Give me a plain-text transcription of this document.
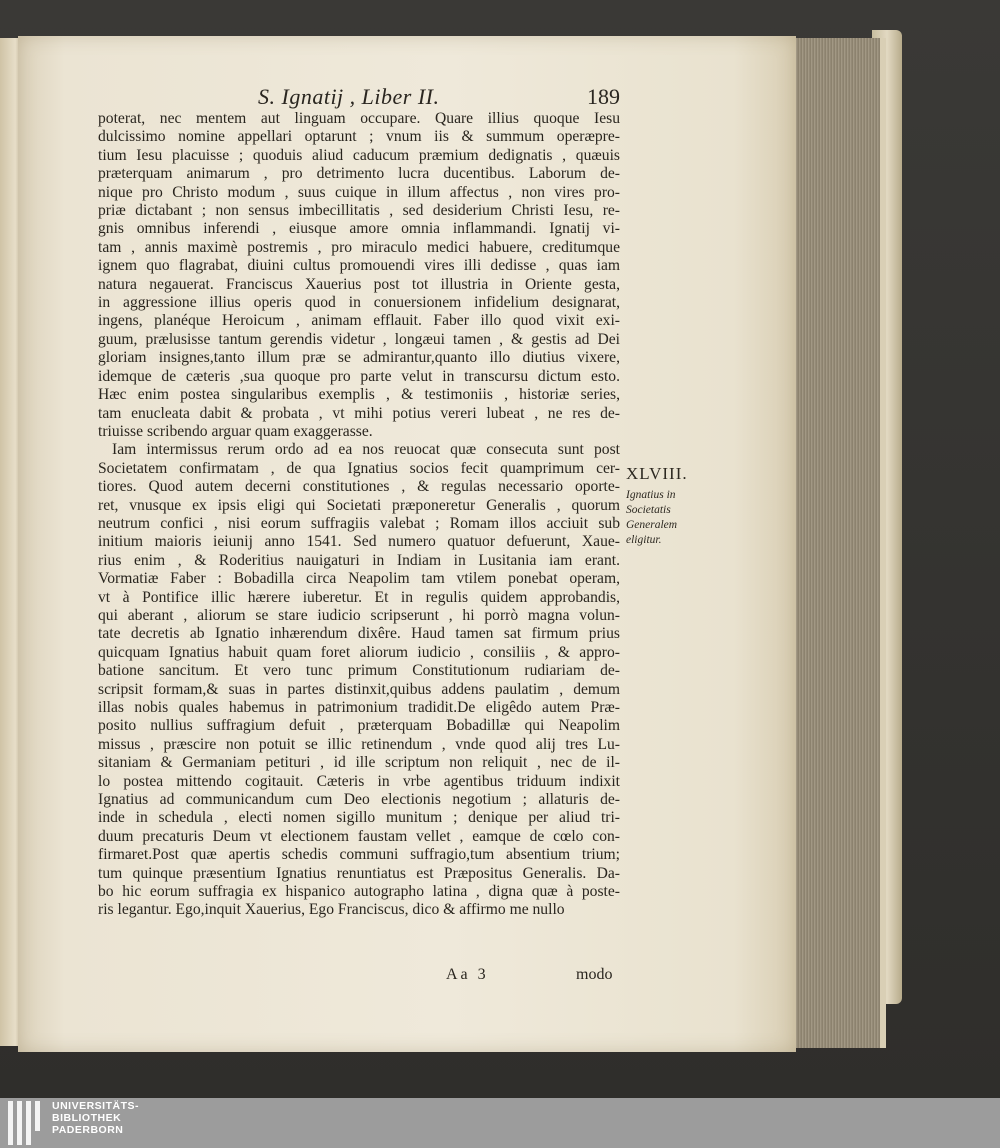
S. Ignatij , Liber II.	189
poterat, nec mentem aut linguam occupare. Quare illius quoque Iesu
dulcissimo nomine appellari optarunt ; vnum iis & summum operæpre-
tium Iesu placuisse ; quoduis aliud caducum præmium dedignatis , quæuis
præterquam animarum , pro detrimento lucra ducentibus. Laborum de-
nique pro Christo modum , suus cuique in illum affectus , non vires pro-
priæ dictabant ; non sensus imbecillitatis , sed desiderium Christi Iesu, re-
gnis omnibus inferendi , eiusque amore omnia inflammandi. Ignatij vi-
tam , annis maximè postremis , pro miraculo medici habuere, creditumque
ignem quo flagrabat, diuini cultus promouendi vires illi dedisse , quas iam
natura negauerat. Franciscus Xauerius post tot illustria in Oriente gesta,
in aggressione illius operis quod in conuersionem infidelium designarat,
ingens, planéque Heroicum , animam efflauit. Faber illo quod vixit exi-
guum, prælusisse tantum gerendis videtur , longæui tamen , & gestis ad Dei
gloriam insignes,tanto illum præ se admirantur,quanto illo diutius vixere,
idemque de cæteris ,sua quoque pro parte velut in transcursu dictum esto.
Hæc enim postea singularibus exemplis , & testimoniis , historiæ series,
tam enucleata dabit & probata , vt mihi potius vereri lubeat , ne res de-
triuisse scribendo arguar quam exaggerasse.
Iam intermissus rerum ordo ad ea nos reuocat quæ consecuta sunt post
Societatem confirmatam , de qua Ignatius socios fecit quamprimum cer-
tiores. Quod autem decerni constitutiones , & regulas necessario oporte-
ret, vnusque ex ipsis eligi qui Societati præponeretur Generalis , quorum
neutrum confici , nisi eorum suffragiis valebat ; Romam illos acciuit sub
initium maioris ieiunij anno 1541. Sed numero quatuor defuerunt, Xaue-
rius enim , & Roderitius nauigaturi in Indiam in Lusitania iam erant.
Vormatiæ Faber : Bobadilla circa Neapolim tam vtilem ponebat operam,
vt à Pontifice illic hærere iuberetur. Et in regulis quidem approbandis,
qui aberant , aliorum se stare iudicio scripserunt , hi porrò magna volun-
tate decretis ab Ignatio inhærendum dixêre. Haud tamen sat firmum prius
quicquam Ignatius habuit quam foret aliorum iudicio , consiliis , & appro-
batione sancitum. Et vero tunc primum Constitutionum rudiariam de-
scripsit formam,& suas in partes distinxit,quibus addens paulatim , demum
illas nobis quales habemus in patrimonium tradidit.De eligêdo autem Præ-
posito nullius suffragium defuit , præterquam Bobadillæ qui Neapolim
missus , præscire non potuit se illic retinendum , vnde quod alij tres Lu-
sitaniam & Germaniam petituri , id ille scriptum non reliquit , nec de il-
lo postea mittendo cogitauit. Cæteris in vrbe agentibus triduum indixit
Ignatius ad communicandum cum Deo electionis negotium ; allaturis de-
inde in schedula , electi nomen sigillo munitum ; denique per aliud tri-
duum precaturis Deum vt electionem faustam vellet , eamque de cœlo con-
firmaret.Post quæ apertis schedis communi suffragio,tum absentium trium;
tum quinque præsentium Ignatius renuntiatus est Præpositus Generalis. Da-
bo hic eorum suffragia ex hispanico autographo latina , digna quæ à poste-
ris legantur. Ego,inquit Xauerius, Ego Franciscus, dico & affirmo me nullo
XLVIII.
Ignatius in
Societatis
Generalem
eligitur.
Aa 3	modo
UNIVERSITÄTS-
BIBLIOTHEK
PADERBORN
